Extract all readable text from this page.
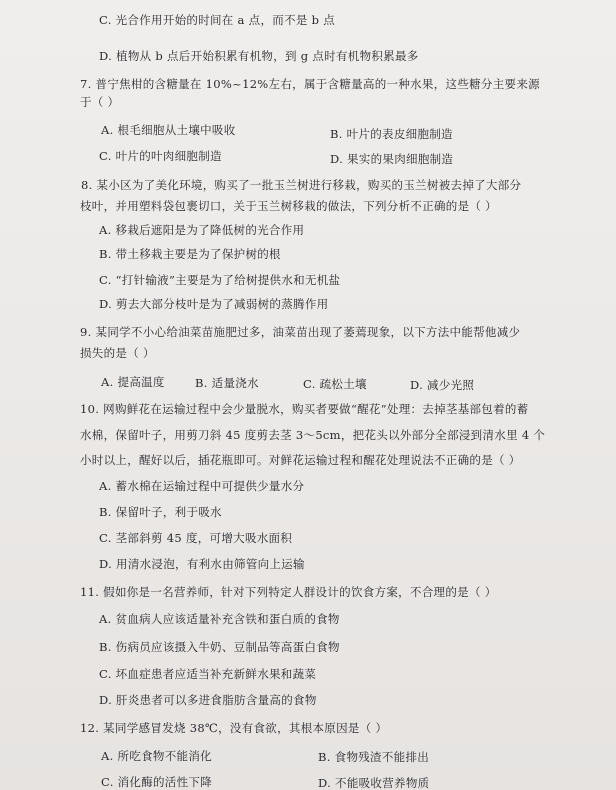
C. 光合作用开始的时间在 a 点，而不是 b 点
D. 植物从 b 点后开始积累有机物，到 g 点时有机物积累最多
7. 普宁焦柑的含糖量在 10%~12%左右，属于含糖量高的一种水果，这些糖分主要来源
于（ ）
A. 根毛细胞从土壤中吸收	B. 叶片的表皮细胞制造
C. 叶片的叶肉细胞制造	D. 果实的果肉细胞制造
8. 某小区为了美化环境，购买了一批玉兰树进行移栽，购买的玉兰树被去掉了大部分
枝叶，并用塑料袋包裹切口，关于玉兰树移栽的做法，下列分析不正确的是（ ）
A. 移栽后遮阳是为了降低树的光合作用
B. 带土移栽主要是为了保护树的根
C. “打针输液”主要是为了给树提供水和无机盐
D. 剪去大部分枝叶是为了减弱树的蒸腾作用
9. 某同学不小心给油菜苗施肥过多，油菜苗出现了萎蔫现象，以下方法中能帮他减少
损失的是（ ）
A. 提高温度	B. 适量浇水	C. 疏松土壤	D. 减少光照
10. 网购鲜花在运输过程中会少量脱水，购买者要做“醒花”处理：去掉茎基部包着的蓄
水棉，保留叶子，用剪刀斜 45 度剪去茎 3～5cm，把花头以外部分全部浸到清水里 4 个
小时以上，醒好以后，插花瓶即可。对鲜花运输过程和醒花处理说法不正确的是（ ）
A. 蓄水棉在运输过程中可提供少量水分
B. 保留叶子，利于吸水
C. 茎部斜剪 45 度，可增大吸水面积
D. 用清水浸泡，有利水由筛管向上运输
11. 假如你是一名营养师，针对下列特定人群设计的饮食方案，不合理的是（ ）
A. 贫血病人应该适量补充含铁和蛋白质的食物
B. 伤病员应该摄入牛奶、豆制品等高蛋白食物
C. 坏血症患者应适当补充新鲜水果和蔬菜
D. 肝炎患者可以多进食脂肪含量高的食物
12. 某同学感冒发烧 38℃，没有食欲，其根本原因是（ ）
A. 所吃食物不能消化	B. 食物残渣不能排出
C. 消化酶的活性下降	D. 不能吸收营养物质
